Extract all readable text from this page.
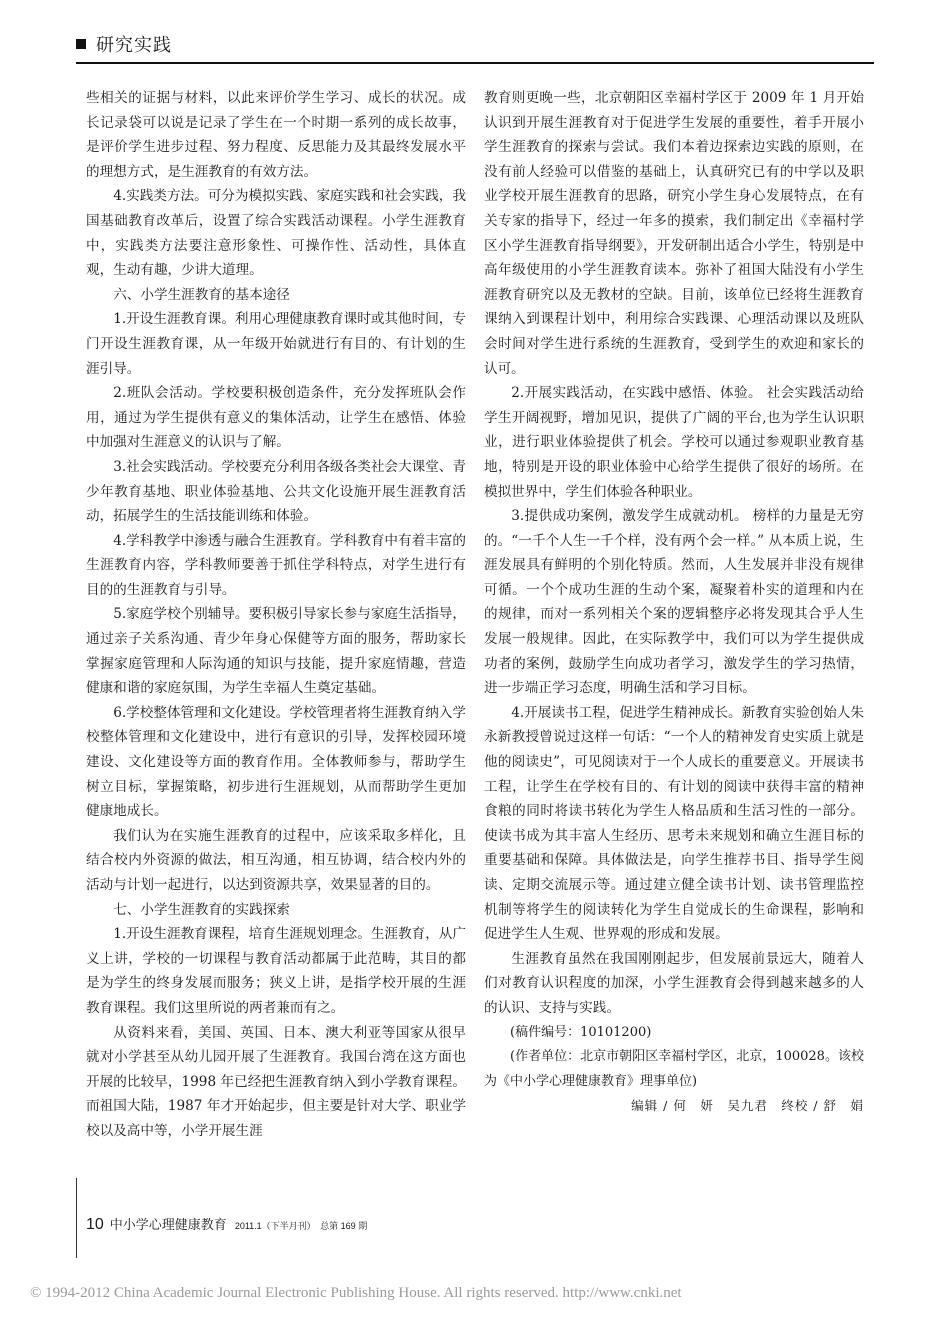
研究实践

些相关的证据与材料，以此来评价学生学习、成长的状况。成长记录袋可以说是记录了学生在一个时期一系列的成长故事，是评价学生进步过程、努力程度、反思能力及其最终发展水平的理想方式，是生涯教育的有效方法。

4.实践类方法。可分为模拟实践、家庭实践和社会实践，我国基础教育改革后，设置了综合实践活动课程。小学生涯教育中，实践类方法要注意形象性、可操作性、活动性，具体直观，生动有趣，少讲大道理。

六、小学生涯教育的基本途径

1.开设生涯教育课。利用心理健康教育课时或其他时间，专门开设生涯教育课，从一年级开始就进行有目的、有计划的生涯引导。

2.班队会活动。学校要积极创造条件，充分发挥班队会作用，通过为学生提供有意义的集体活动，让学生在感悟、体验中加强对生涯意义的认识与了解。

3.社会实践活动。学校要充分利用各级各类社会大课堂、青少年教育基地、职业体验基地、公共文化设施开展生涯教育活动，拓展学生的生活技能训练和体验。

4.学科教学中渗透与融合生涯教育。学科教育中有着丰富的生涯教育内容，学科教师要善于抓住学科特点，对学生进行有目的的生涯教育与引导。

5.家庭学校个别辅导。要积极引导家长参与家庭生活指导，通过亲子关系沟通、青少年身心保健等方面的服务，帮助家长掌握家庭管理和人际沟通的知识与技能，提升家庭情趣，营造健康和谐的家庭氛围，为学生幸福人生奠定基础。

6.学校整体管理和文化建设。学校管理者将生涯教育纳入学校整体管理和文化建设中，进行有意识的引导，发挥校园环境建设、文化建设等方面的教育作用。全体教师参与，帮助学生树立目标，掌握策略，初步进行生涯规划，从而帮助学生更加健康地成长。

我们认为在实施生涯教育的过程中，应该采取多样化，且结合校内外资源的做法，相互沟通，相互协调，结合校内外的活动与计划一起进行，以达到资源共享，效果显著的目的。

七、小学生涯教育的实践探索

1.开设生涯教育课程，培育生涯规划理念。生涯教育，从广义上讲，学校的一切课程与教育活动都属于此范畴，其目的都是为学生的终身发展而服务；狭义上讲，是指学校开展的生涯教育课程。我们这里所说的两者兼而有之。

从资料来看，美国、英国、日本、澳大利亚等国家从很早就对小学甚至从幼儿园开展了生涯教育。我国台湾在这方面也开展的比较早，1998 年已经把生涯教育纳入到小学教育课程。而祖国大陆，1987 年才开始起步，但主要是针对大学、职业学校以及高中等，小学开展生涯

教育则更晚一些，北京朝阳区幸福村学区于 2009 年 1 月开始认识到开展生涯教育对于促进学生发展的重要性，着手开展小学生涯教育的探索与尝试。我们本着边探索边实践的原则，在没有前人经验可以借鉴的基础上，认真研究已有的中学以及职业学校开展生涯教育的思路，研究小学生身心发展特点，在有关专家的指导下，经过一年多的摸索，我们制定出《幸福村学区小学生涯教育指导纲要》，开发研制出适合小学生，特别是中高年级使用的小学生涯教育读本。弥补了祖国大陆没有小学生涯教育研究以及无教材的空缺。目前，该单位已经将生涯教育课纳入到课程计划中，利用综合实践课、心理活动课以及班队会时间对学生进行系统的生涯教育，受到学生的欢迎和家长的认可。

2.开展实践活动，在实践中感悟、体验。 社会实践活动给学生开阔视野，增加见识，提供了广阔的平台,也为学生认识职业，进行职业体验提供了机会。学校可以通过参观职业教育基地，特别是开设的职业体验中心给学生提供了很好的场所。在模拟世界中，学生们体验各种职业。

3.提供成功案例，激发学生成就动机。 榜样的力量是无穷的。“一千个人生一千个样，没有两个会一样。” 从本质上说，生涯发展具有鲜明的个别化特质。然而，人生发展并非没有规律可循。一个个成功生涯的生动个案，凝聚着朴实的道理和内在的规律，而对一系列相关个案的逻辑整序必将发现其合乎人生发展一般规律。因此，在实际教学中，我们可以为学生提供成功者的案例，鼓励学生向成功者学习，激发学生的学习热情，进一步端正学习态度，明确生活和学习目标。

4.开展读书工程，促进学生精神成长。新教育实验创始人朱永新教授曾说过这样一句话：“一个人的精神发育史实质上就是他的阅读史”，可见阅读对于一个人成长的重要意义。开展读书工程，让学生在学校有目的、有计划的阅读中获得丰富的精神食粮的同时将读书转化为学生人格品质和生活习性的一部分。使读书成为其丰富人生经历、思考未来规划和确立生涯目标的重要基础和保障。具体做法是，向学生推荐书目、指导学生阅读、定期交流展示等。通过建立健全读书计划、读书管理监控机制等将学生的阅读转化为学生自觉成长的生命课程，影响和促进学生人生观、世界观的形成和发展。

生涯教育虽然在我国刚刚起步，但发展前景远大，随着人们对教育认识程度的加深，小学生涯教育会得到越来越多的人的认识、支持与实践。

(稿件编号：10101200)

(作者单位：北京市朝阳区幸福村学区，北京，100028。该校为《中小学心理健康教育》理事单位)

编辑 / 何　妍　吴九君　终校 / 舒　娟

10 中小学心理健康教育 2011.1（下半月刊）　总第 169 期
© 1994-2012 China Academic Journal Electronic Publishing House. All rights reserved. http://www.cnki.net
